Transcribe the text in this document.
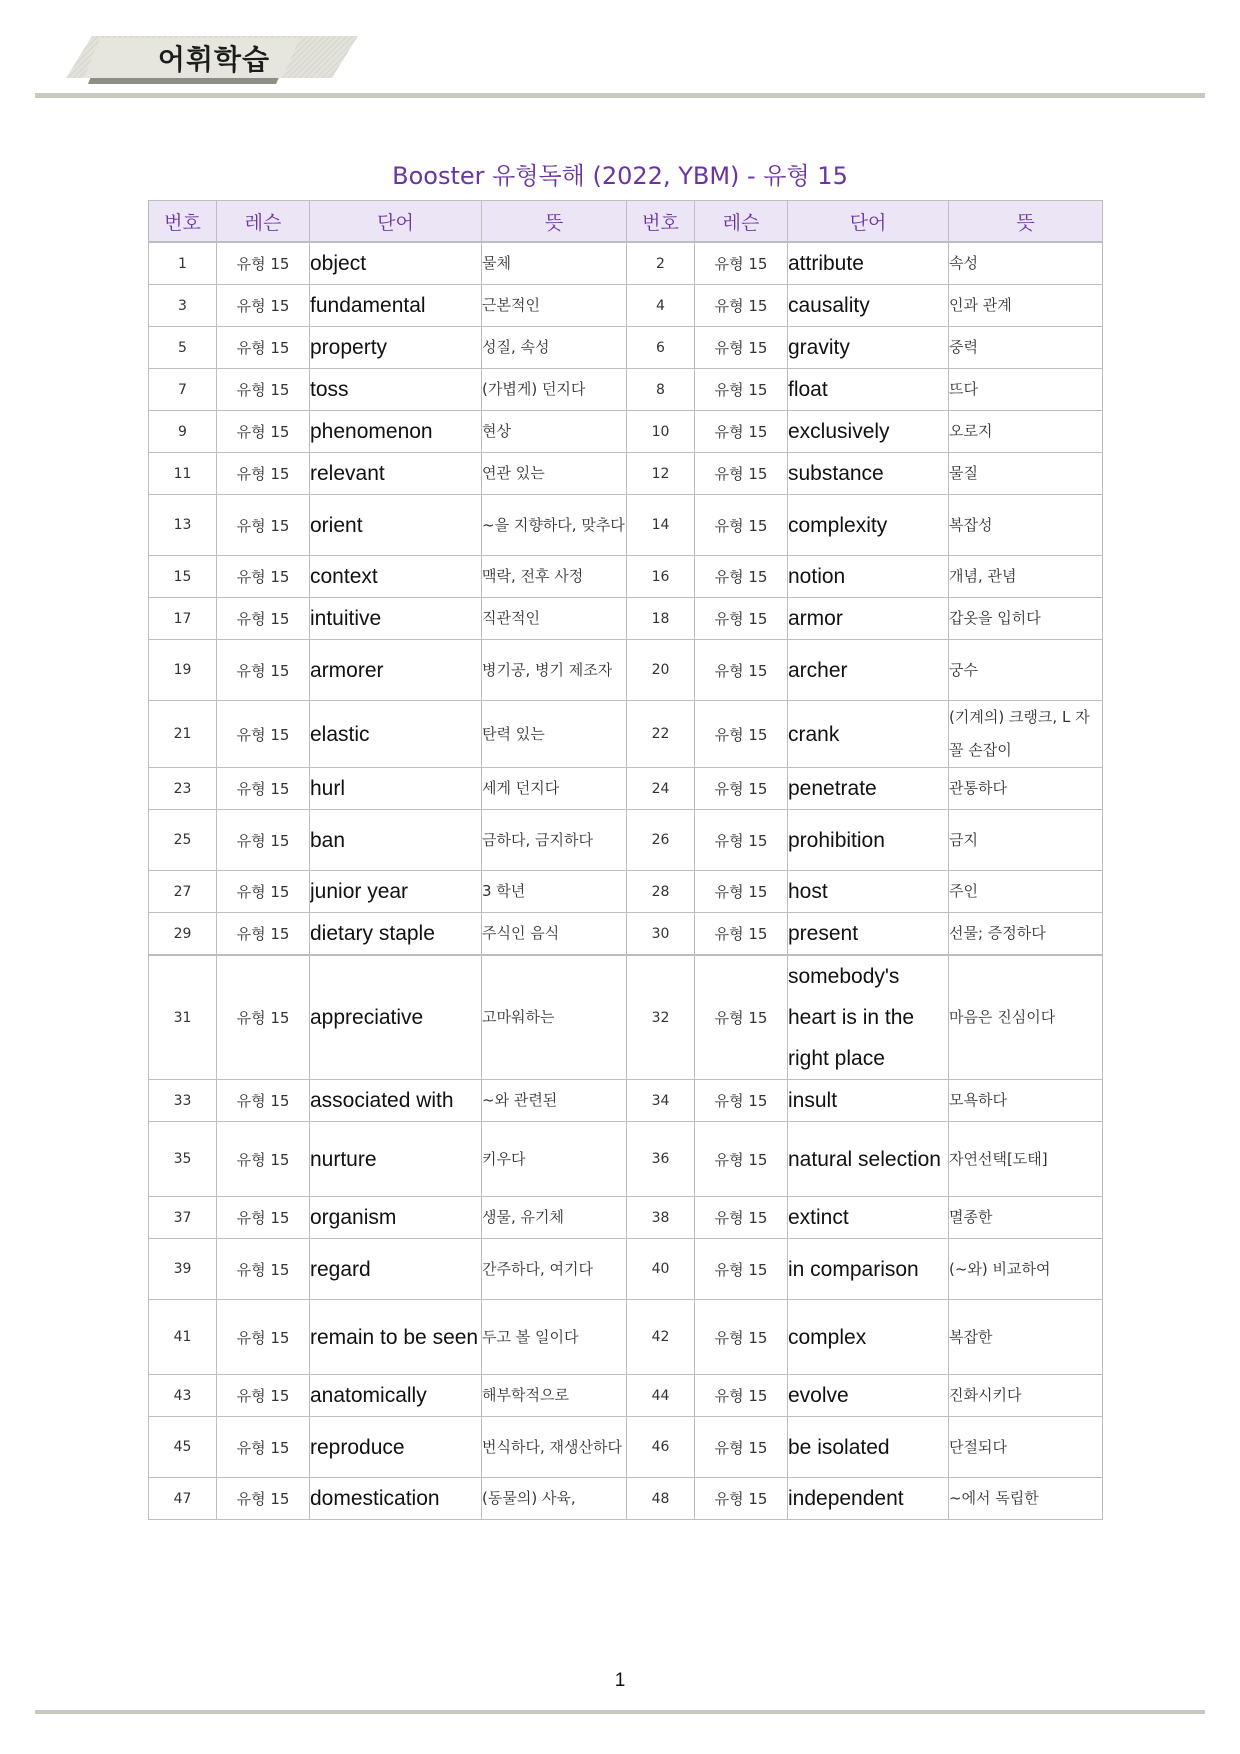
어휘학습
Booster 유형독해 (2022, YBM) - 유형 15
번호	레슨	단어	뜻	번호	레슨	단어	뜻
1	유형 15	object	물체	2	유형 15	attribute	속성
3	유형 15	fundamental	근본적인	4	유형 15	causality	인과 관계
5	유형 15	property	성질, 속성	6	유형 15	gravity	중력
7	유형 15	toss	(가볍게) 던지다	8	유형 15	float	뜨다
9	유형 15	phenomenon	현상	10	유형 15	exclusively	오로지
11	유형 15	relevant	연관 있는	12	유형 15	substance	물질
13	유형 15	orient	~을 지향하다, 맞추다	14	유형 15	complexity	복잡성
15	유형 15	context	맥락, 전후 사정	16	유형 15	notion	개념, 관념
17	유형 15	intuitive	직관적인	18	유형 15	armor	갑옷을 입히다
19	유형 15	armorer	병기공, 병기 제조자	20	유형 15	archer	궁수
21	유형 15	elastic	탄력 있는	22	유형 15	crank	(기계의) 크랭크, L 자 꼴 손잡이
23	유형 15	hurl	세게 던지다	24	유형 15	penetrate	관통하다
25	유형 15	ban	금하다, 금지하다	26	유형 15	prohibition	금지
27	유형 15	junior year	3 학년	28	유형 15	host	주인
29	유형 15	dietary staple	주식인 음식	30	유형 15	present	선물; 증정하다
31	유형 15	appreciative	고마워하는	32	유형 15	somebody's heart is in the right place	마음은 진심이다
33	유형 15	associated with	~와 관련된	34	유형 15	insult	모욕하다
35	유형 15	nurture	키우다	36	유형 15	natural selection	자연선택[도태]
37	유형 15	organism	생물, 유기체	38	유형 15	extinct	멸종한
39	유형 15	regard	간주하다, 여기다	40	유형 15	in comparison	(~와) 비교하여
41	유형 15	remain to be seen	두고 볼 일이다	42	유형 15	complex	복잡한
43	유형 15	anatomically	해부학적으로	44	유형 15	evolve	진화시키다
45	유형 15	reproduce	번식하다, 재생산하다	46	유형 15	be isolated	단절되다
47	유형 15	domestication	(동물의) 사육,	48	유형 15	independent	~에서 독립한
1
